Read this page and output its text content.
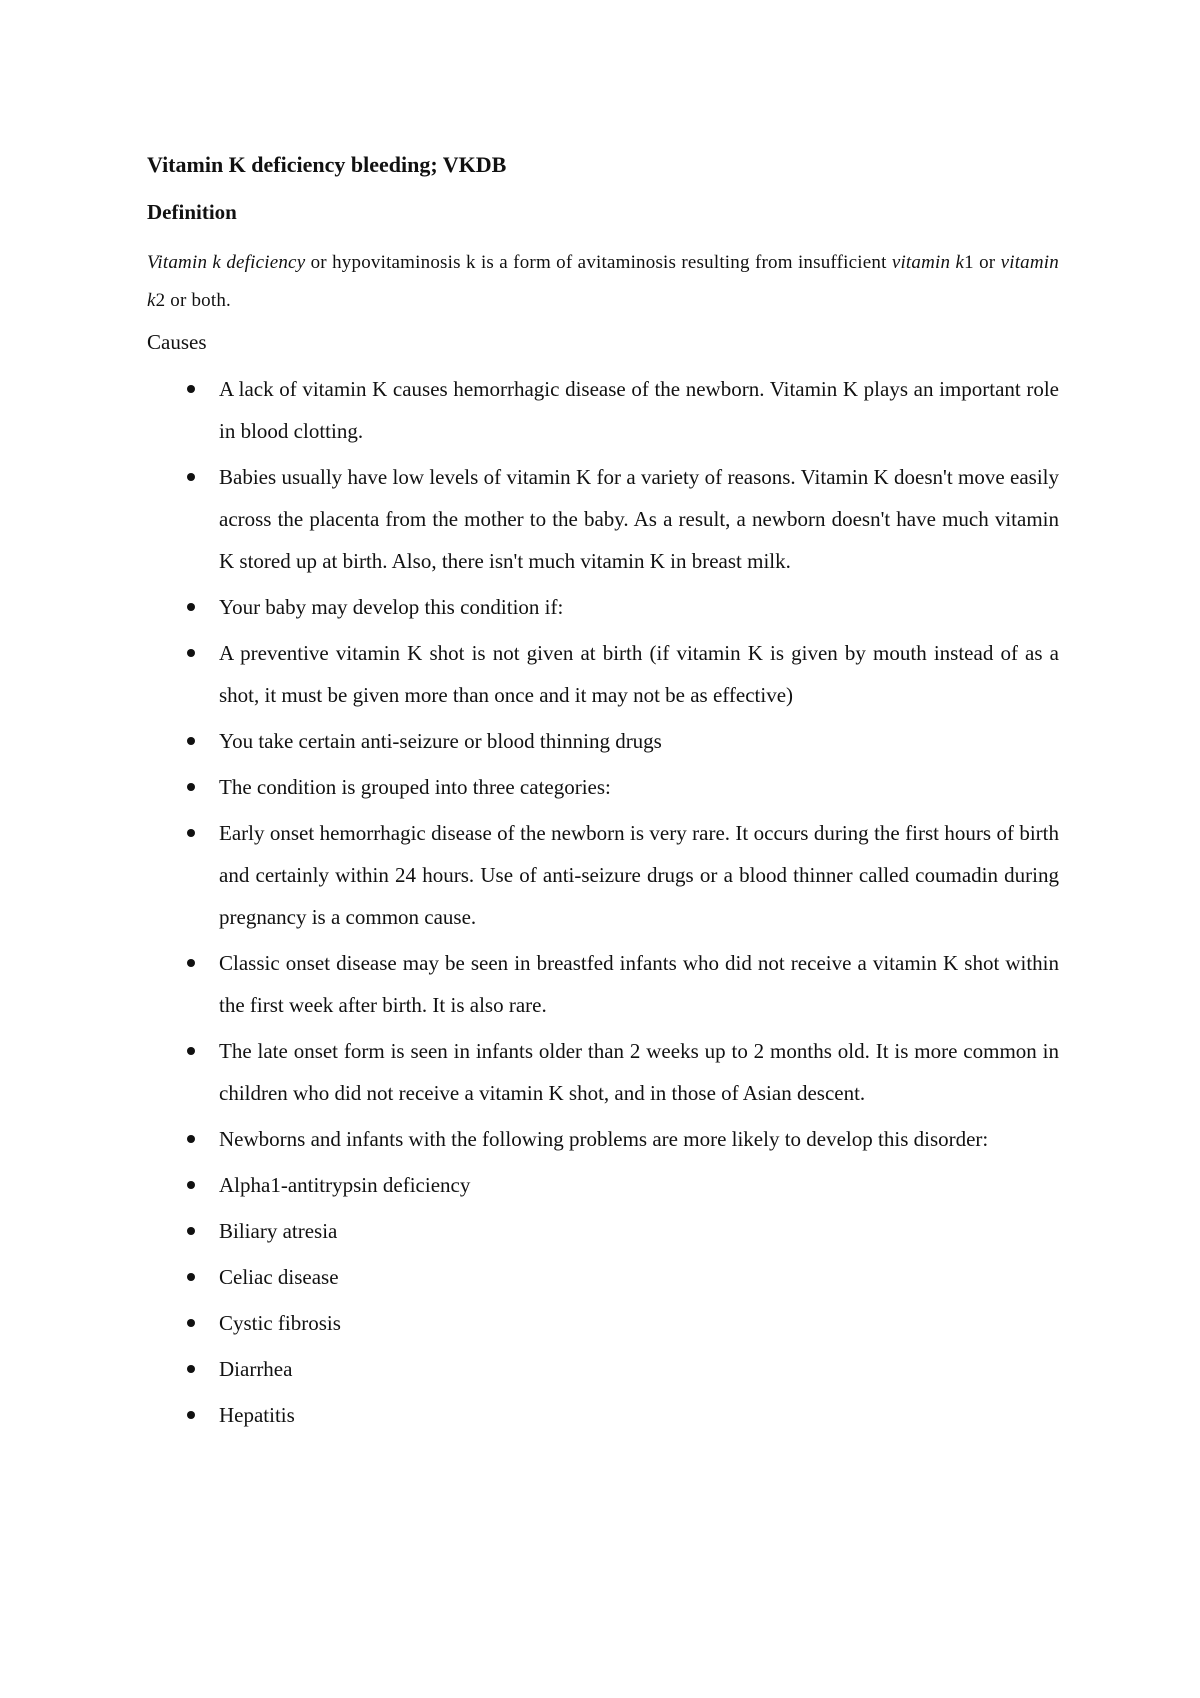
Vitamin K deficiency bleeding; VKDB
Definition

Vitamin k deficiency or hypovitaminosis k is a form of avitaminosis resulting from insufficient vitamin k1 or vitamin k2 or both.

Causes
A lack of vitamin K causes hemorrhagic disease of the newborn. Vitamin K plays an important role in blood clotting.
Babies usually have low levels of vitamin K for a variety of reasons. Vitamin K doesn't move easily across the placenta from the mother to the baby. As a result, a newborn doesn't have much vitamin K stored up at birth. Also, there isn't much vitamin K in breast milk.
Your baby may develop this condition if:
A preventive vitamin K shot is not given at birth (if vitamin K is given by mouth instead of as a shot, it must be given more than once and it may not be as effective)
You take certain anti-seizure or blood thinning drugs
The condition is grouped into three categories:
Early onset hemorrhagic disease of the newborn is very rare. It occurs during the first hours of birth and certainly within 24 hours. Use of anti-seizure drugs or a blood thinner called coumadin during pregnancy is a common cause.
Classic onset disease may be seen in breastfed infants who did not receive a vitamin K shot within the first week after birth. It is also rare.
The late onset form is seen in infants older than 2 weeks up to 2 months old. It is more common in children who did not receive a vitamin K shot, and in those of Asian descent.
Newborns and infants with the following problems are more likely to develop this disorder:
Alpha1-antitrypsin deficiency
Biliary atresia
Celiac disease
Cystic fibrosis
Diarrhea
Hepatitis
